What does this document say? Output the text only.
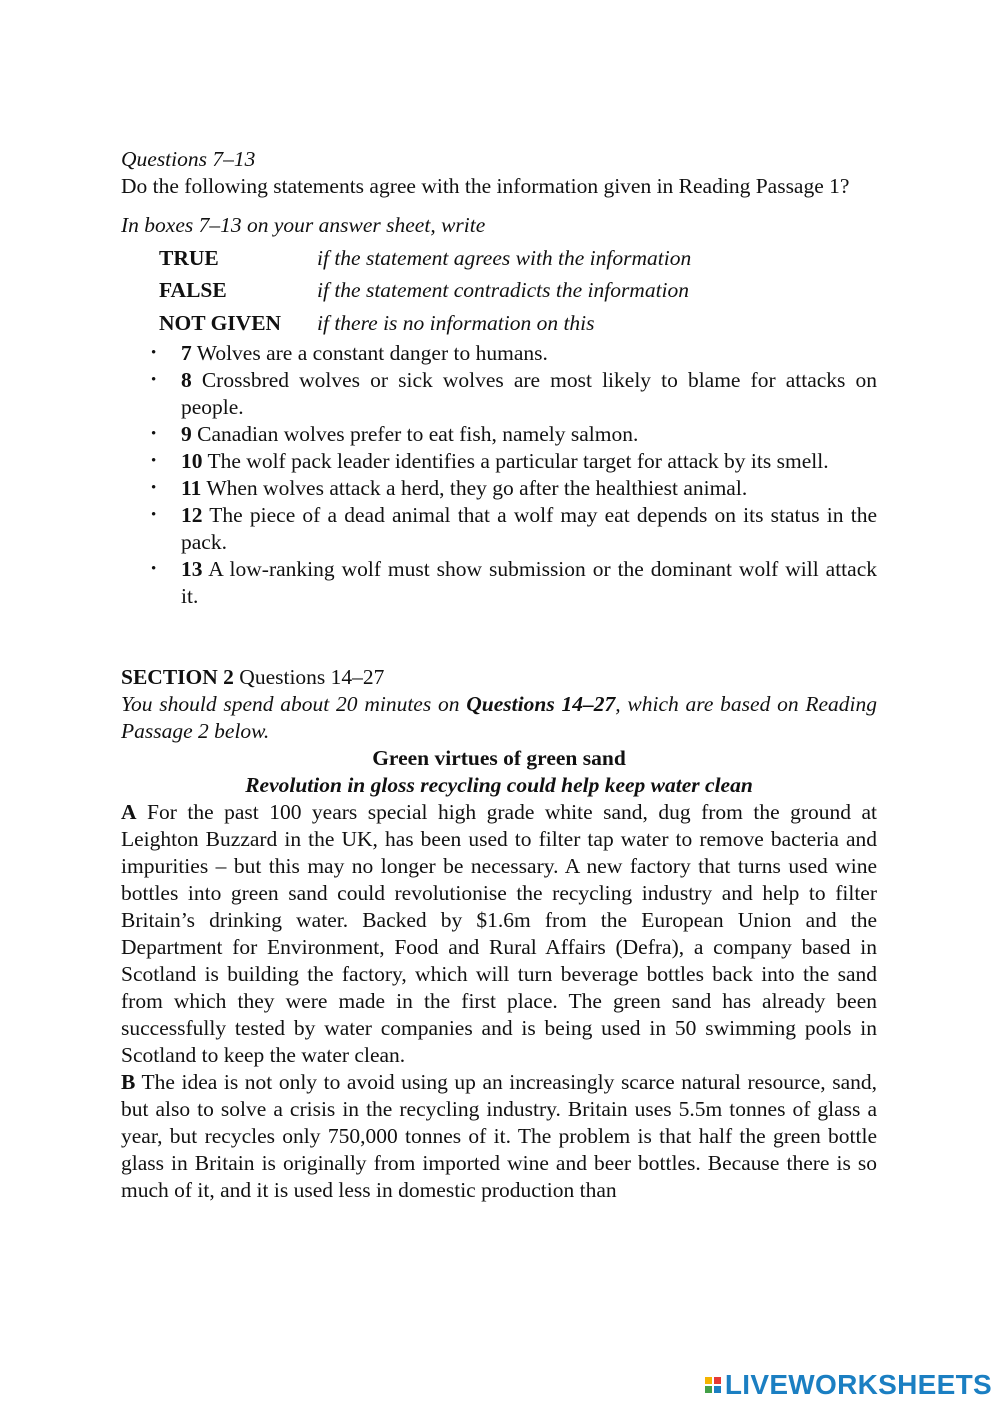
Questions 7–13
Do the following statements agree with the information given in Reading Passage 1?
In boxes 7–13 on your answer sheet, write
TRUE	if the statement agrees with the information
FALSE	if the statement contradicts the information
NOT GIVEN	if there is no information on this
• 7 Wolves are a constant danger to humans.
• 8 Crossbred wolves or sick wolves are most likely to blame for attacks on people.
• 9 Canadian wolves prefer to eat fish, namely salmon.
• 10 The wolf pack leader identifies a particular target for attack by its smell.
• 11 When wolves attack a herd, they go after the healthiest animal.
• 12 The piece of a dead animal that a wolf may eat depends on its status in the pack.
• 13 A low-ranking wolf must show submission or the dominant wolf will attack it.
SECTION 2 Questions 14–27
You should spend about 20 minutes on Questions 14–27, which are based on Reading Passage 2 below.
Green virtues of green sand
Revolution in gloss recycling could help keep water clean
A For the past 100 years special high grade white sand, dug from the ground at Leighton Buzzard in the UK, has been used to filter tap water to remove bacteria and impurities – but this may no longer be necessary. A new factory that turns used wine bottles into green sand could revolutionise the recycling industry and help to filter Britain’s drinking water. Backed by $1.6m from the European Union and the Department for Environment, Food and Rural Affairs (Defra), a company based in Scotland is building the factory, which will turn beverage bottles back into the sand from which they were made in the first place. The green sand has already been successfully tested by water companies and is being used in 50 swimming pools in Scotland to keep the water clean.
B The idea is not only to avoid using up an increasingly scarce natural resource, sand, but also to solve a crisis in the recycling industry. Britain uses 5.5m tonnes of glass a year, but recycles only 750,000 tonnes of it. The problem is that half the green bottle glass in Britain is originally from imported wine and beer bottles. Because there is so much of it, and it is used less in domestic production than
LIVEWORKSHEETS
